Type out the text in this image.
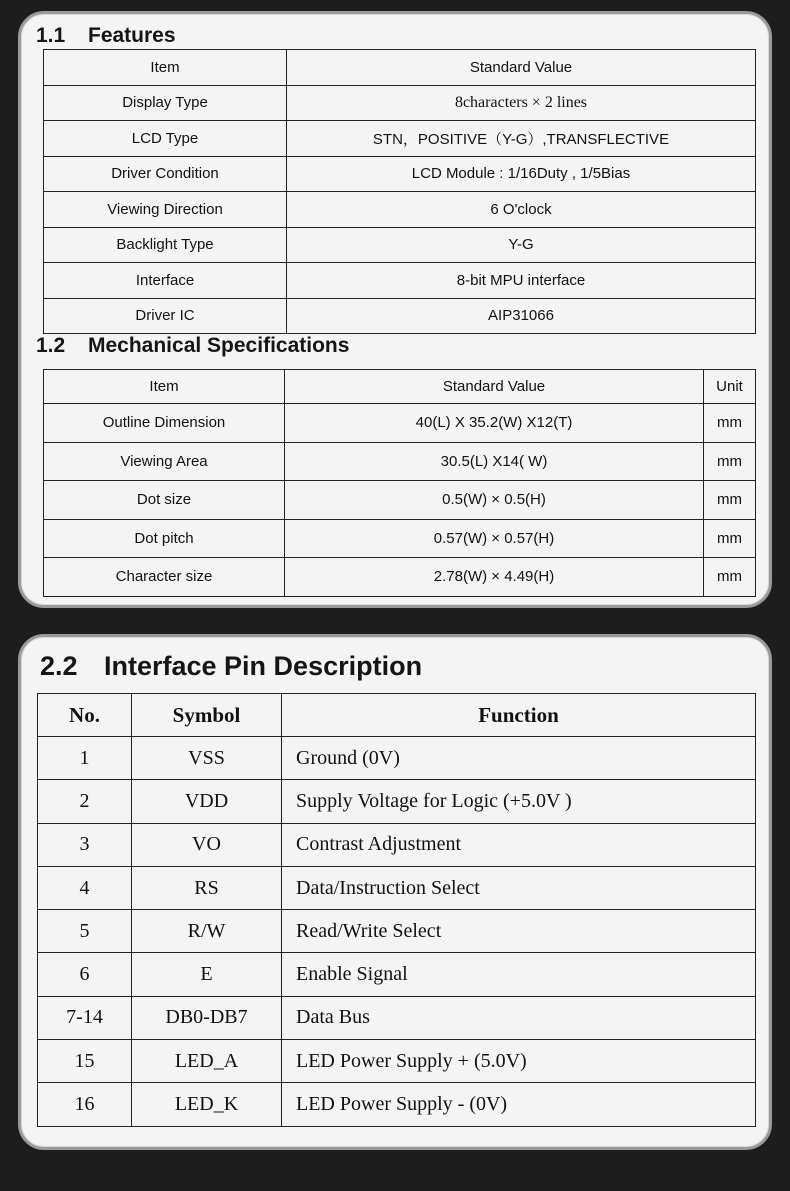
1.1 Features
Item	Standard Value
Display Type	8characters × 2 lines
LCD Type	STN，POSITIVE（Y-G）,TRANSFLECTIVE
Driver Condition	LCD Module : 1/16Duty , 1/5Bias
Viewing Direction	6 O'clock
Backlight Type	Y-G
Interface	8-bit MPU interface
Driver IC	AIP31066
1.2 Mechanical Specifications
Item	Standard Value	Unit
Outline Dimension	40(L) X 35.2(W) X12(T)	mm
Viewing Area	30.5(L) X14( W)	mm
Dot size	0.5(W) × 0.5(H)	mm
Dot pitch	0.57(W) × 0.57(H)	mm
Character size	2.78(W) × 4.49(H)	mm
2.2 Interface Pin Description
No.	Symbol	Function
1	VSS	Ground (0V)
2	VDD	Supply Voltage for Logic (+5.0V )
3	VO	Contrast Adjustment
4	RS	Data/Instruction Select
5	R/W	Read/Write Select
6	E	Enable Signal
7-14	DB0-DB7	Data Bus
15	LED_A	LED Power Supply + (5.0V)
16	LED_K	LED Power Supply - (0V)
